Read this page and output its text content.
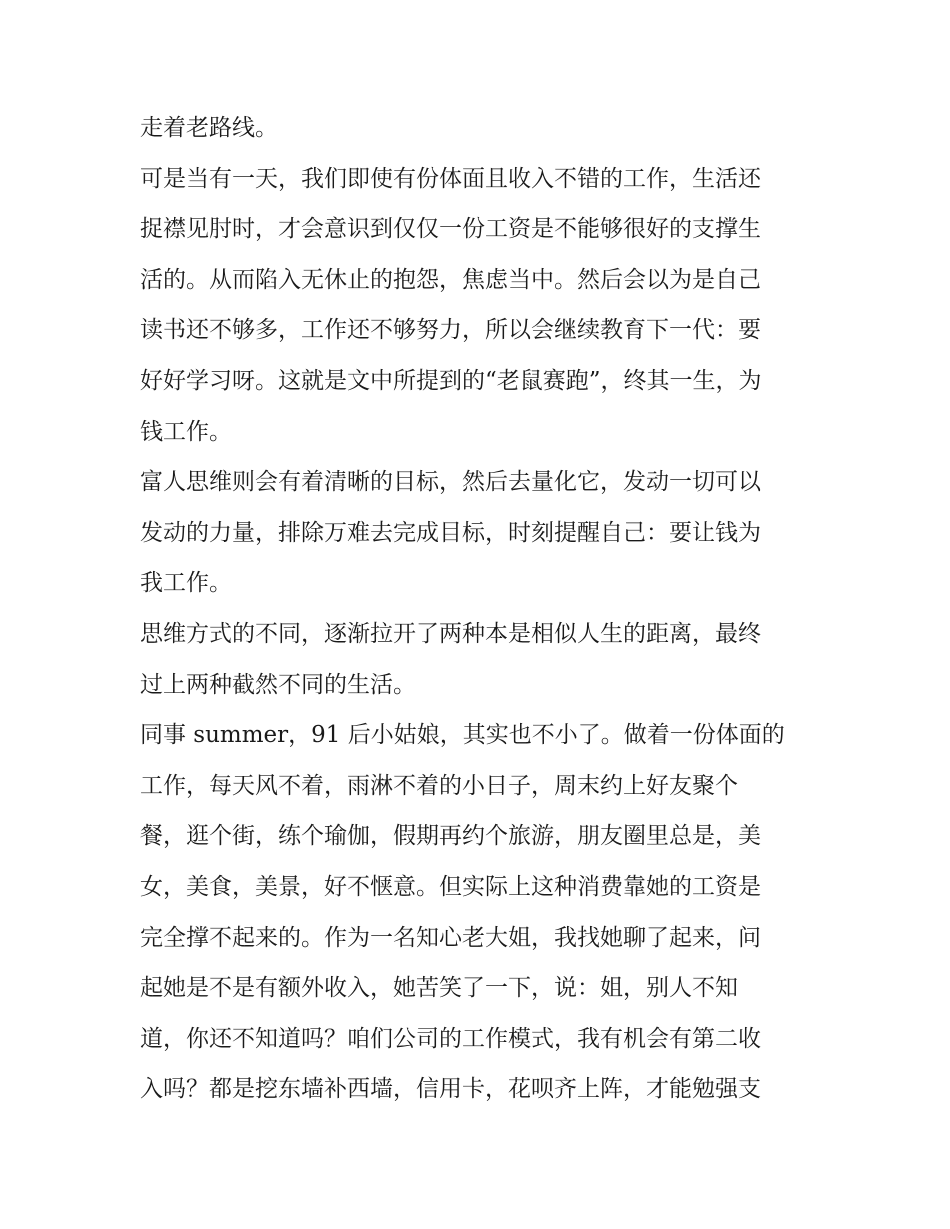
走着老路线。
可是当有一天，我们即使有份体面且收入不错的工作，生活还
捉襟见肘时，才会意识到仅仅一份工资是不能够很好的支撑生
活的。从而陷入无休止的抱怨，焦虑当中。然后会以为是自己
读书还不够多，工作还不够努力，所以会继续教育下一代：要
好好学习呀。这就是文中所提到的“老鼠赛跑”，终其一生，为
钱工作。
富人思维则会有着清晰的目标，然后去量化它，发动一切可以
发动的力量，排除万难去完成目标，时刻提醒自己：要让钱为
我工作。
思维方式的不同，逐渐拉开了两种本是相似人生的距离，最终
过上两种截然不同的生活。
同事 summer，91 后小姑娘，其实也不小了。做着一份体面的
工作，每天风不着，雨淋不着的小日子，周末约上好友聚个
餐，逛个街，练个瑜伽，假期再约个旅游，朋友圈里总是，美
女，美食，美景，好不惬意。但实际上这种消费靠她的工资是
完全撑不起来的。作为一名知心老大姐，我找她聊了起来，问
起她是不是有额外收入，她苦笑了一下，说：姐，别人不知
道，你还不知道吗？咱们公司的工作模式，我有机会有第二收
入吗？都是挖东墙补西墙，信用卡，花呗齐上阵，才能勉强支
